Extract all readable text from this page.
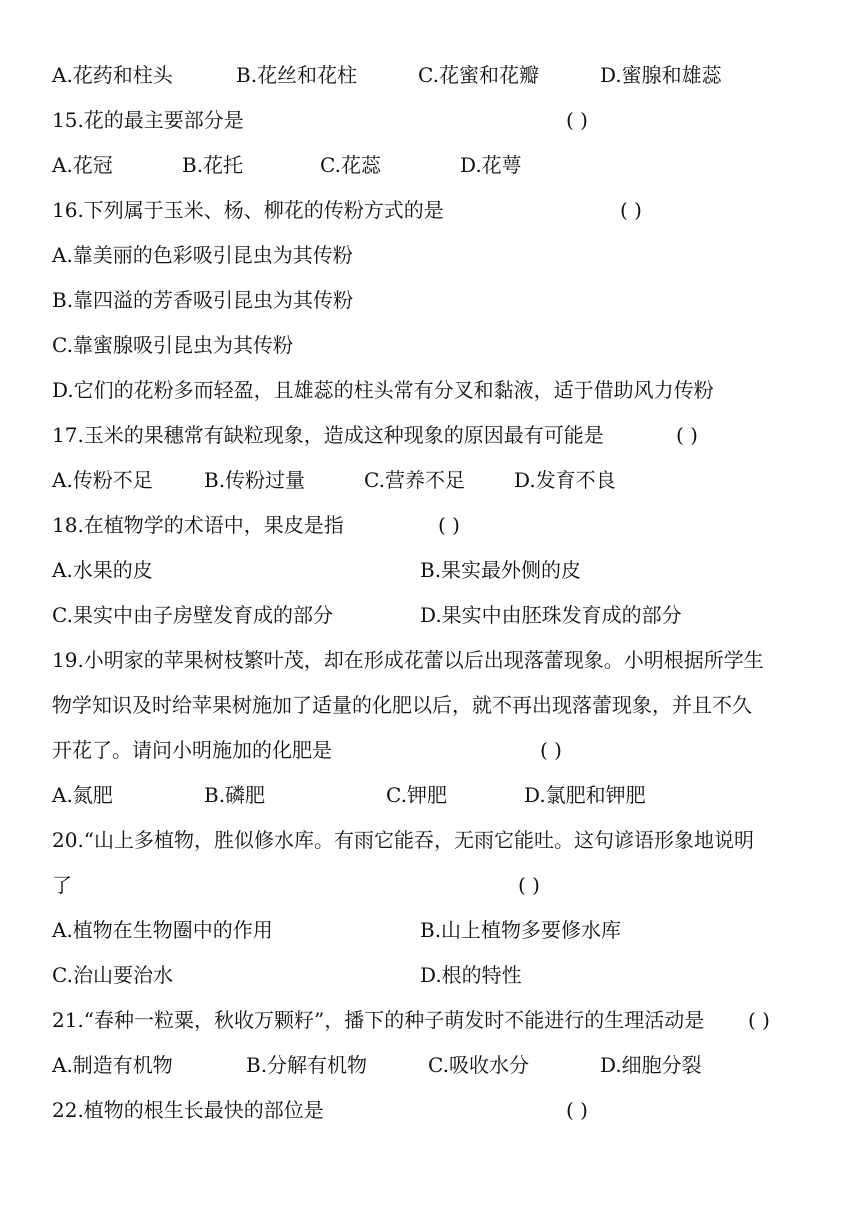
A.花药和柱头	B.花丝和花柱	C.花蜜和花瓣	D.蜜腺和雄蕊
15.花的最主要部分是	( )
A.花冠	B.花托	C.花蕊	D.花萼
16.下列属于玉米、杨、柳花的传粉方式的是	( )
A.靠美丽的色彩吸引昆虫为其传粉
B.靠四溢的芳香吸引昆虫为其传粉
C.靠蜜腺吸引昆虫为其传粉
D.它们的花粉多而轻盈，且雄蕊的柱头常有分叉和黏液，适于借助风力传粉
17.玉米的果穗常有缺粒现象，造成这种现象的原因最有可能是	( )
A.传粉不足	B.传粉过量	C.营养不足 D.发育不良
18.在植物学的术语中，果皮是指	( )
A.水果的皮	B.果实最外侧的皮
C.果实中由子房壁发育成的部分	D.果实中由胚珠发育成的部分
19.小明家的苹果树枝繁叶茂，却在形成花蕾以后出现落蕾现象。小明根据所学生
物学知识及时给苹果树施加了适量的化肥以后，就不再出现落蕾现象，并且不久
开花了。请问小明施加的化肥是	( )
A.氮肥	B.磷肥	C.钾肥	D.氯肥和钾肥
20.“山上多植物，胜似修水库。有雨它能吞，无雨它能吐。这句谚语形象地说明
了	( )
A.植物在生物圈中的作用	B.山上植物多要修水库
C.治山要治水	D.根的特性
21.“春种一粒粟，秋收万颗籽”，播下的种子萌发时不能进行的生理活动是 ( )
A.制造有机物	B.分解有机物	C.吸收水分	D.细胞分裂
22.植物的根生长最快的部位是	( )
